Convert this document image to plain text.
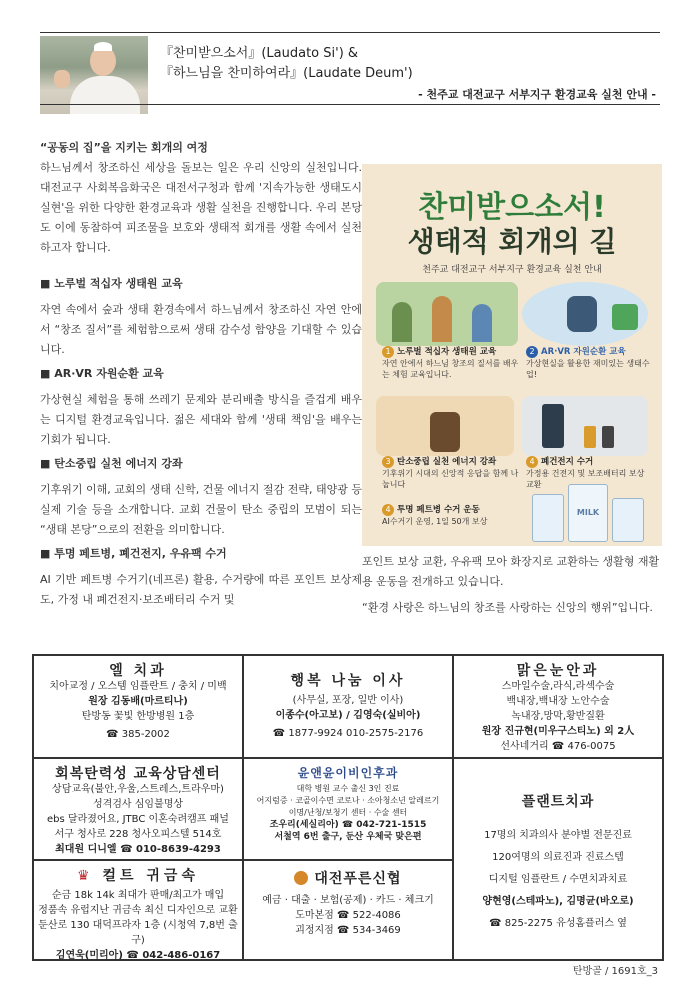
『찬미받으소서』(Laudato Si') &
『하느님을 찬미하여라』(Laudate Deum')
- 천주교 대전교구 서부지구 환경교육 실천 안내 -

“공동의 집”을 지키는 회개의 여정

하느님께서 창조하신 세상을 돌보는 일은 우리 신앙의 실천입니다. 대전교구 사회복음화국은 대전서구청과 함께 '지속가능한 생태도시 실현'을 위한 다양한 환경교육과 생활 실천을 진행합니다. 우리 본당도 이에 동참하여 피조물을 보호와 생태적 회개를 생활 속에서 실천하고자 합니다.

■ 노루벌 적십자 생태원 교육

자연 속에서 숲과 생태 환경속에서 하느님께서 창조하신 자연 안에서 “창조 질서”를 체험함으로써 생태 감수성 함양을 기대할 수 있습니다.

■ AR·VR 자원순환 교육

가상현실 체험을 통해 쓰레기 문제와 분리배출 방식을 즐겁게 배우는 디지털 환경교육입니다. 젊은 세대와 함께 '생태 책임'을 배우는 기회가 됩니다.

■ 탄소중립 실천 에너지 강좌

기후위기 이해, 교회의 생태 신학, 건물 에너지 절감 전략, 태양광 등 실제 기술 등을 소개합니다. 교회 건물이 탄소 중립의 모범이 되는 “생태 본당”으로의 전환을 의미합니다.

■ 투명 페트병, 폐건전지, 우유팩 수거

AI 기반 페트병 수거기(네프론) 활용, 수거량에 따른 포인트 보상제도, 가정 내 폐건전지·보조배터리 수거 및

찬미받으소서!
생태적 회개의 길
천주교 대전교구 서부지구 환경교육 실천 안내
1 노루벌 적십자 생태원 교육
자연 안에서 하느님 창조의 질서를 배우는 체험 교육입니다.
2 AR·VR 자원순환 교육
가상현실을 활용한 재미있는 생태수업!
3 탄소중립 실천 에너지 강좌
기후위기 시대의 신앙적 응답을 함께 나눕니다
4 폐건전지 수거
가정용 건전지 및 보조배터리 보상 교환
4 투명 페트병 수거 운동
AI수거기 운영, 1일 50개 보상
MILK

포인트 보상 교환, 우유팩 모아 화장지로 교환하는 생활형 재활용 운동을 전개하고 있습니다.

“환경 사랑은 하느님의 창조를 사랑하는 신앙의 행위”입니다.

엘 치과
치아교정 / 오스템 임플란트 / 충치 / 미백
원장 김동배(마르티나)
탄방동 꽃빛 한방병원 1층
☎ 385-2002
행복 나눔 이사
(사무실, 포장, 일반 이사)
이종수(아고보) / 김영숙(실비아)
☎ 1877-9924 010-2575-2176
맑은눈안과
스마일수술,라식,라섹수술
백내장,백내장 노안수술
녹내장,망막,황반질환
원장 진규현(미우구스티노) 외 2人
선사네거리 ☎ 476-0075
회복탄력성 교육상담센터
상담교육(불안,우울,스트레스,트라우마)
성격검사 심임불명상
ebs 달라졌어요, JTBC 이혼숙려캠프 패널
서구 청사로 228 청사오피스텔 514호
최대원 디니엘 ☎ 010-8639-4293
윤앤윤이비인후과
대학 병원 교수 출신 3인 진료
어지럼증 · 코골이수면 코로나 · 소아청소년 알레르기
이명/난청/보청기 센터 · 수술 센터
조우리(세실리아) ☎ 042-721-1515
서철역 6번 출구, 둔산 우체국 맞은편
플랜트치과
17명의 치과의사 분야별 전문진료
120여명의 의료진과 진료스텝
디지털 임플란트 / 수면치과치료
양현영(스테파노), 김명균(바오로)
☎ 825-2275 유성홈플러스 옆
♛ 컬트 귀금속
순금 18k 14k 최대가 판매/최고가 매입
정품속 유럽지난 귀금속 최신 디자인으로 교환
둔산로 130 대덕프라자 1층 (시청역 7,8번 출구)
김연욱(미리아) ☎ 042-486-0167
대전푸른신협
예금 · 대출 · 보험(공제) · 카드 · 체크기
도마본점 ☎ 522-4086
괴정지점 ☎ 534-3469
탄방골 / 1691호_3
